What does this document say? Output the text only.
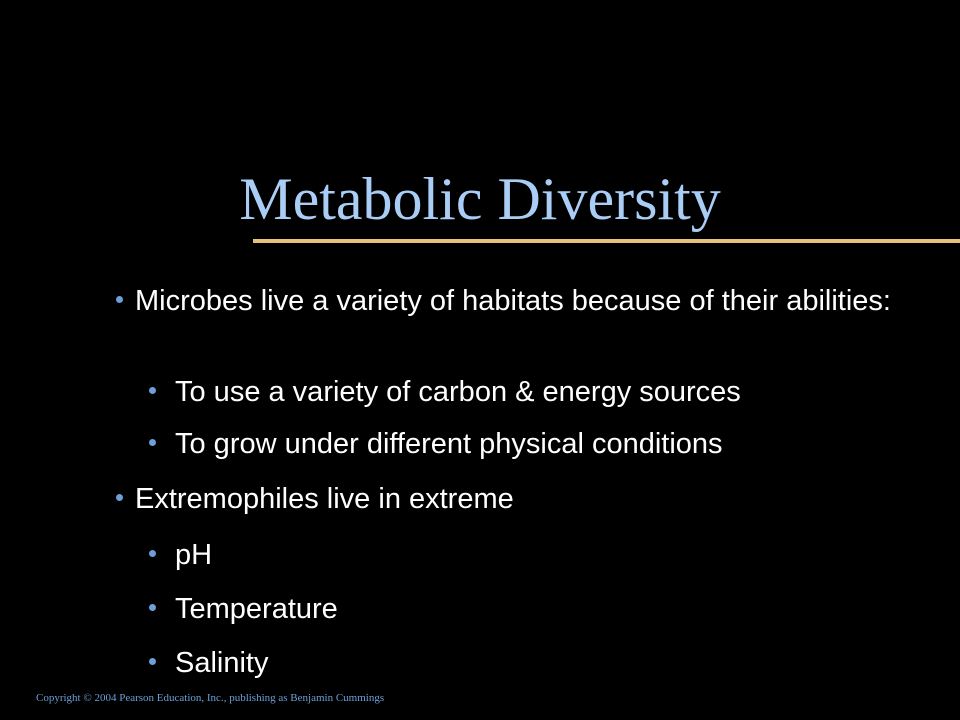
Metabolic Diversity
Microbes live a variety of habitats because of their abilities:
To use a variety of carbon & energy sources
To grow under different physical conditions
Extremophiles live in extreme
pH
Temperature
Salinity
Copyright © 2004 Pearson Education, Inc., publishing as Benjamin Cummings
